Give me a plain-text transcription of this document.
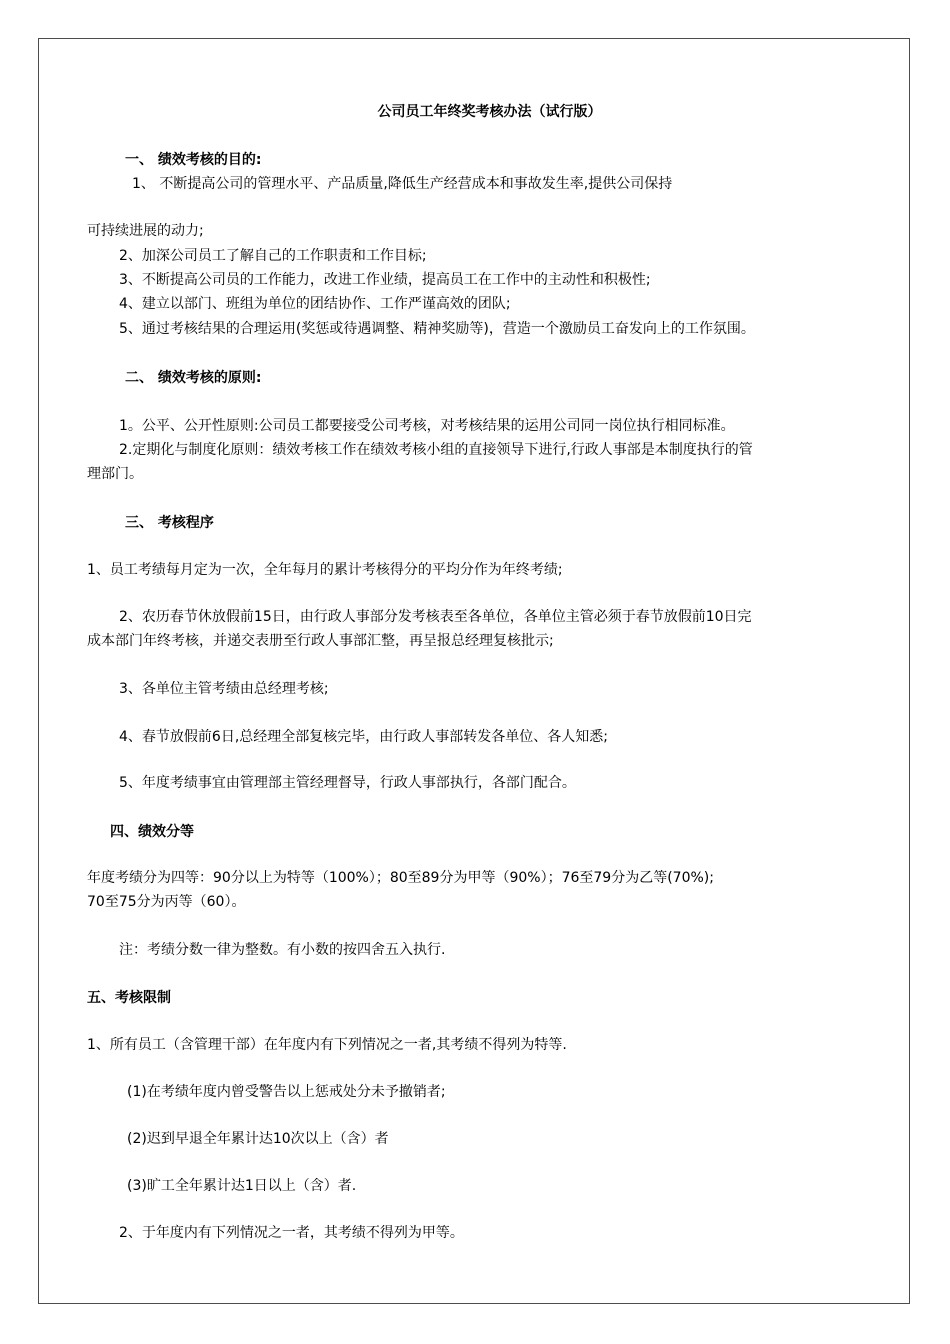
公司员工年终奖考核办法（试行版）
一、 绩效考核的目的:
1、 不断提高公司的管理水平、产品质量,降低生产经营成本和事故发生率,提供公司保持
可持续进展的动力;
2、加深公司员工了解自己的工作职责和工作目标;
3、不断提高公司员的工作能力，改进工作业绩，提高员工在工作中的主动性和积极性;
4、建立以部门、班组为单位的团结协作、工作严谨高效的团队;
5、通过考核结果的合理运用(奖惩或待遇调整、精神奖励等)，营造一个激励员工奋发向上的工作氛围。
二、 绩效考核的原则:
1。公平、公开性原则:公司员工都要接受公司考核，对考核结果的运用公司同一岗位执行相同标准。
2.定期化与制度化原则：绩效考核工作在绩效考核小组的直接领导下进行,行政人事部是本制度执行的管
理部门。
三、 考核程序
1、员工考绩每月定为一次，全年每月的累计考核得分的平均分作为年终考绩;
2、农历春节休放假前15日，由行政人事部分发考核表至各单位，各单位主管必须于春节放假前10日完
成本部门年终考核，并递交表册至行政人事部汇整，再呈报总经理复核批示;
3、各单位主管考绩由总经理考核;
4、春节放假前6日,总经理全部复核完毕，由行政人事部转发各单位、各人知悉;
5、年度考绩事宜由管理部主管经理督导，行政人事部执行，各部门配合。
四、绩效分等
年度考绩分为四等：90分以上为特等（100%）；80至89分为甲等（90%）；76至79分为乙等(70%);
70至75分为丙等（60）。
注：考绩分数一律为整数。有小数的按四舍五入执行.
五、考核限制
1、所有员工（含管理干部）在年度内有下列情况之一者,其考绩不得列为特等.
(1)在考绩年度内曾受警告以上惩戒处分未予撤销者;
(2)迟到早退全年累计达10次以上（含）者
(3)旷工全年累计达1日以上（含）者.
2、于年度内有下列情况之一者，其考绩不得列为甲等。
